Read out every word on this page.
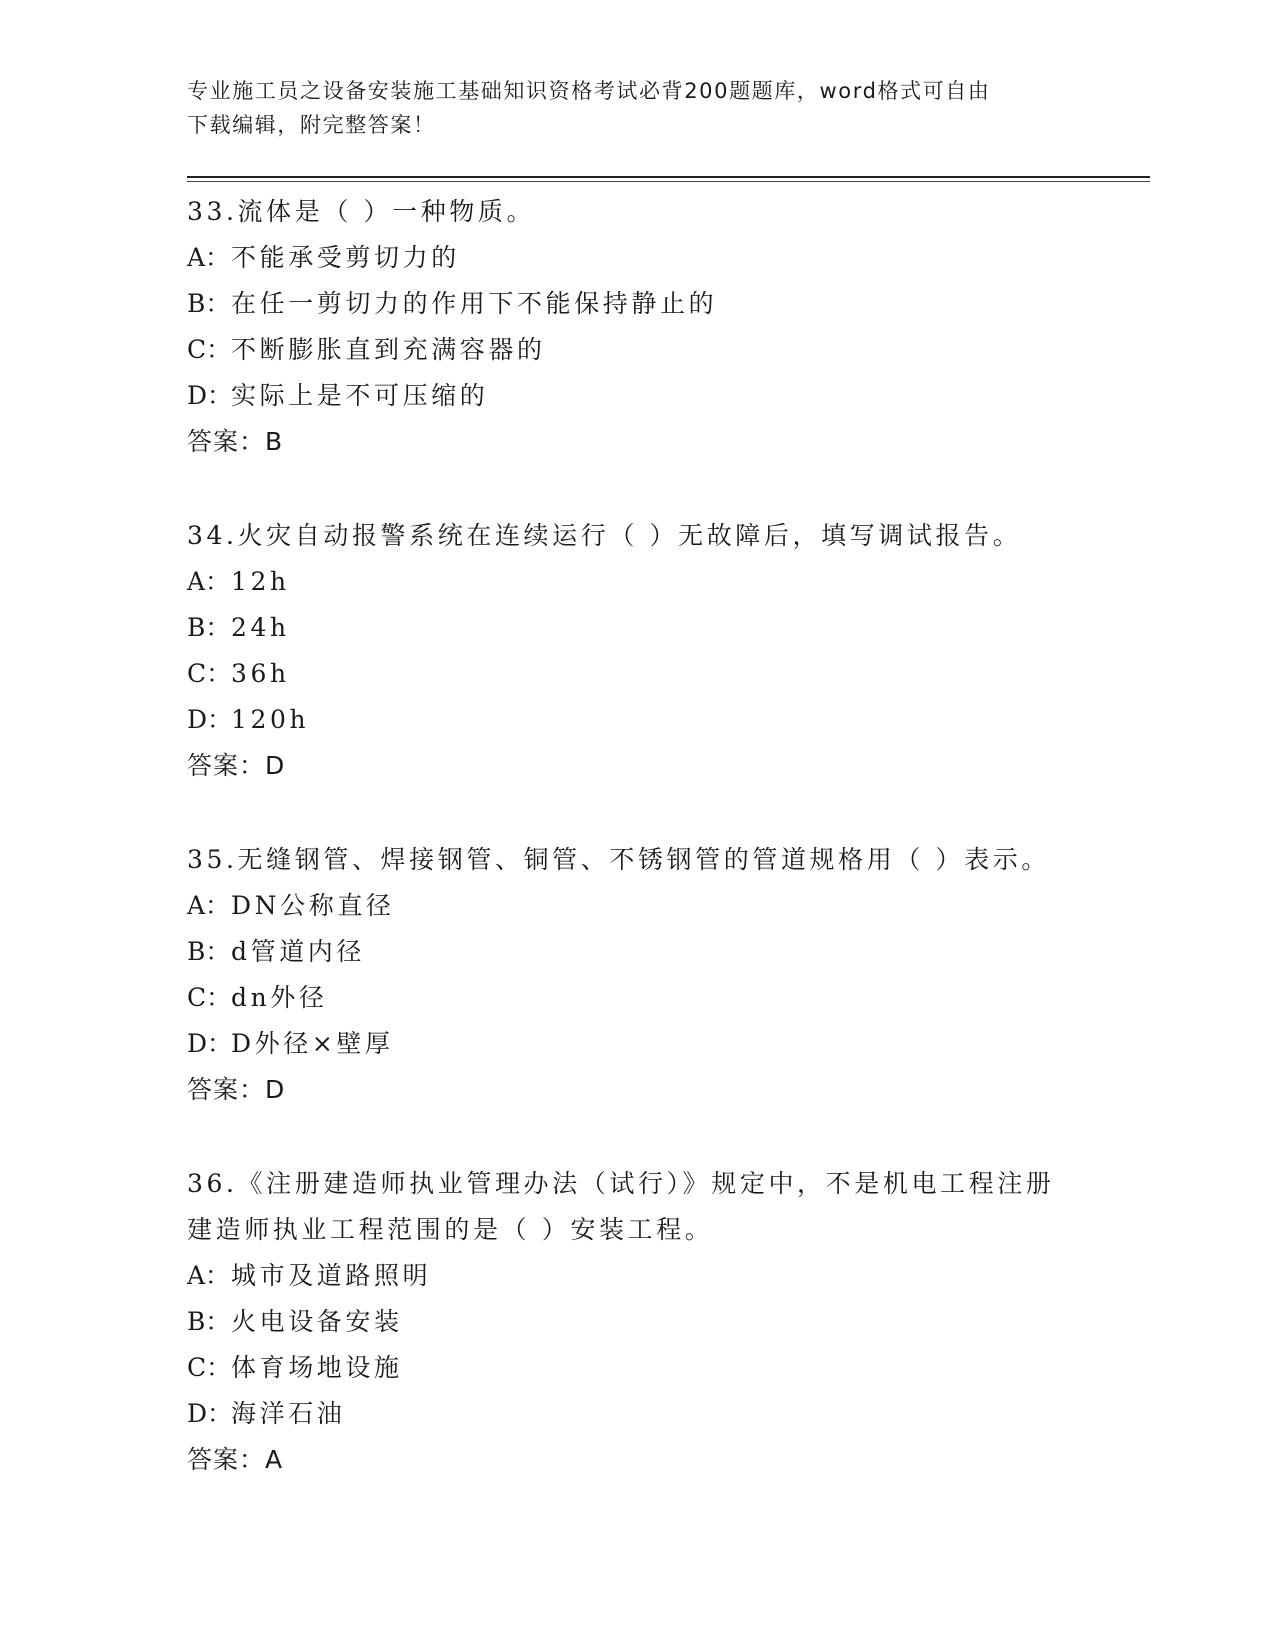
专业施工员之设备安装施工基础知识资格考试必背200题题库，word格式可自由
下载编辑，附完整答案！
33.流体是（ ）一种物质。
A：不能承受剪切力的
B：在任一剪切力的作用下不能保持静止的
C：不断膨胀直到充满容器的
D：实际上是不可压缩的
答案：B
34.火灾自动报警系统在连续运行（ ）无故障后，填写调试报告。
A：12h
B：24h
C：36h
D：120h
答案：D
35.无缝钢管、焊接钢管、铜管、不锈钢管的管道规格用（ ）表示。
A：DN公称直径
B：d管道内径
C：dn外径
D：D外径×壁厚
答案：D
36.《注册建造师执业管理办法（试行）》规定中，不是机电工程注册
建造师执业工程范围的是（ ）安装工程。
A：城市及道路照明
B：火电设备安装
C：体育场地设施
D：海洋石油
答案：A
